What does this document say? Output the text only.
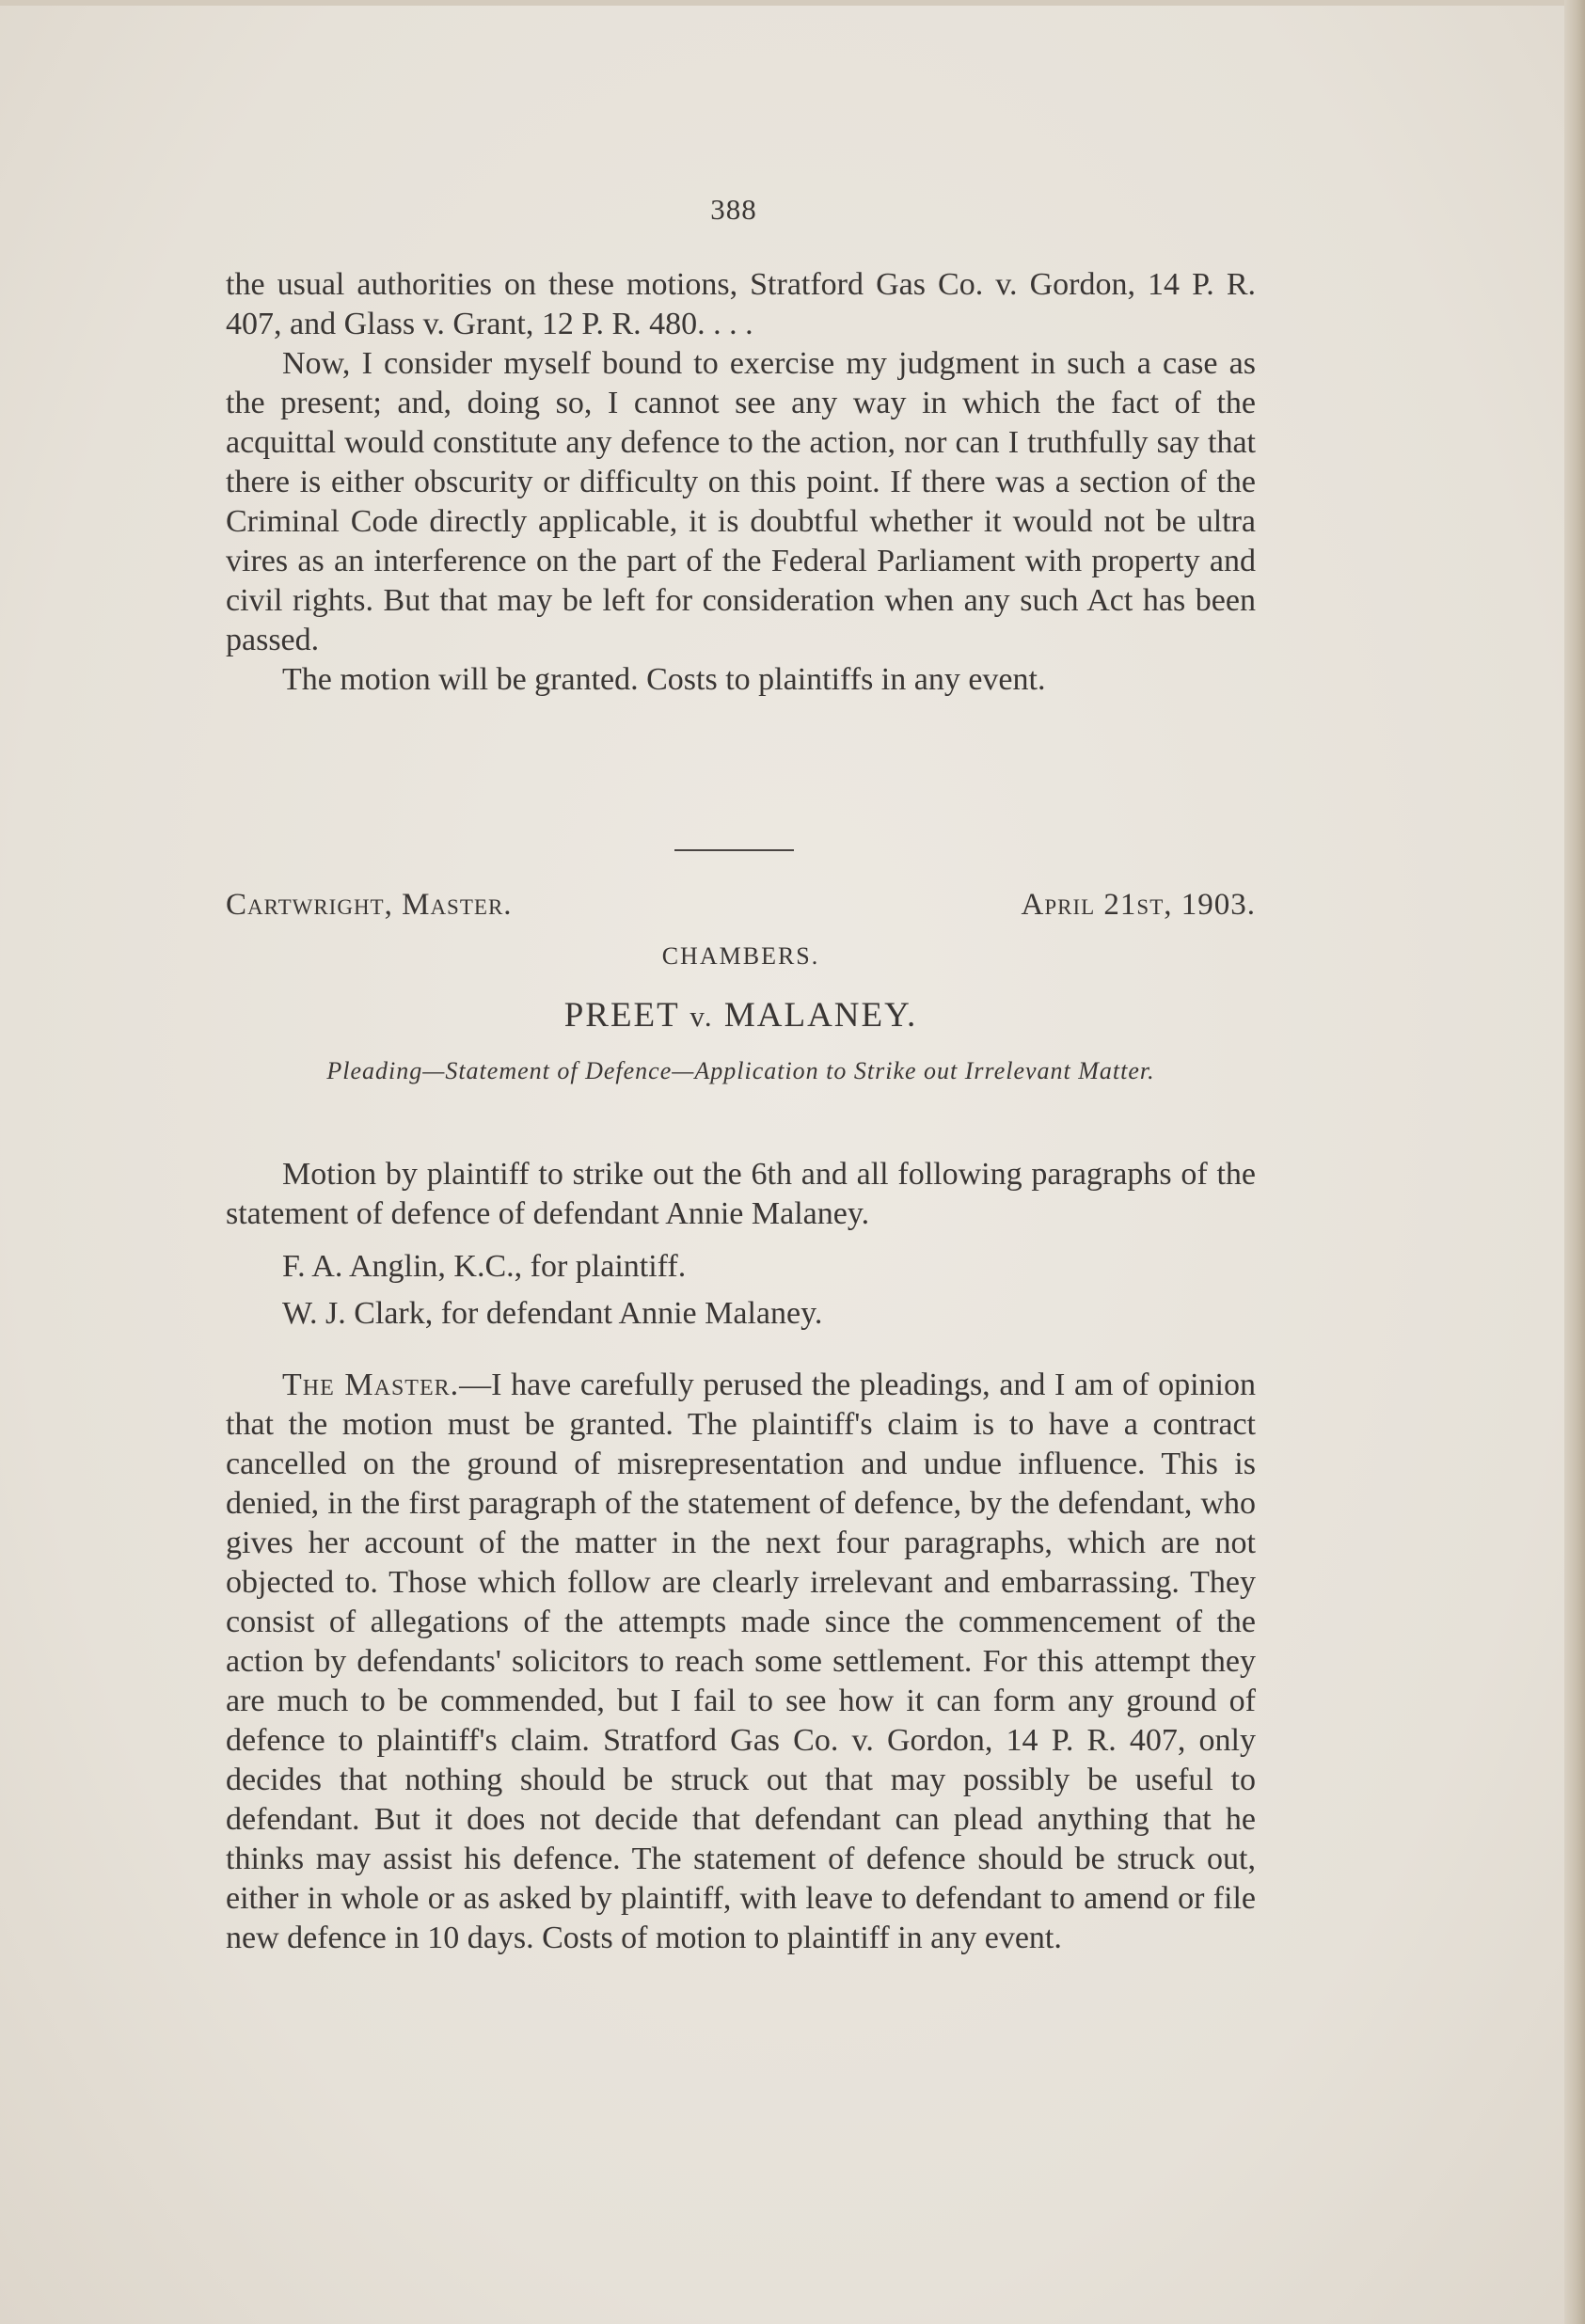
388

the usual authorities on these motions, Stratford Gas Co. v. Gordon, 14 P. R. 407, and Glass v. Grant, 12 P. R. 480. . . .

Now, I consider myself bound to exercise my judgment in such a case as the present; and, doing so, I cannot see any way in which the fact of the acquittal would constitute any defence to the action, nor can I truthfully say that there is either obscurity or difficulty on this point. If there was a section of the Criminal Code directly applicable, it is doubtful whether it would not be ultra vires as an interference on the part of the Federal Parliament with property and civil rights. But that may be left for consideration when any such Act has been passed.

The motion will be granted. Costs to plaintiffs in any event.

Cartwright, Master.	April 21st, 1903.
CHAMBERS.
PREET v. MALANEY.
Pleading—Statement of Defence—Application to Strike out Irrelevant Matter.

Motion by plaintiff to strike out the 6th and all following paragraphs of the statement of defence of defendant Annie Malaney.

F. A. Anglin, K.C., for plaintiff.

W. J. Clark, for defendant Annie Malaney.

The Master.—I have carefully perused the pleadings, and I am of opinion that the motion must be granted. The plaintiff's claim is to have a contract cancelled on the ground of misrepresentation and undue influence. This is denied, in the first paragraph of the statement of defence, by the defendant, who gives her account of the matter in the next four paragraphs, which are not objected to. Those which follow are clearly irrelevant and embarrassing. They consist of allegations of the attempts made since the commencement of the action by defendants' solicitors to reach some settlement. For this attempt they are much to be commended, but I fail to see how it can form any ground of defence to plaintiff's claim. Stratford Gas Co. v. Gordon, 14 P. R. 407, only decides that nothing should be struck out that may possibly be useful to defendant. But it does not decide that defendant can plead anything that he thinks may assist his defence. The statement of defence should be struck out, either in whole or as asked by plaintiff, with leave to defendant to amend or file new defence in 10 days. Costs of motion to plaintiff in any event.
